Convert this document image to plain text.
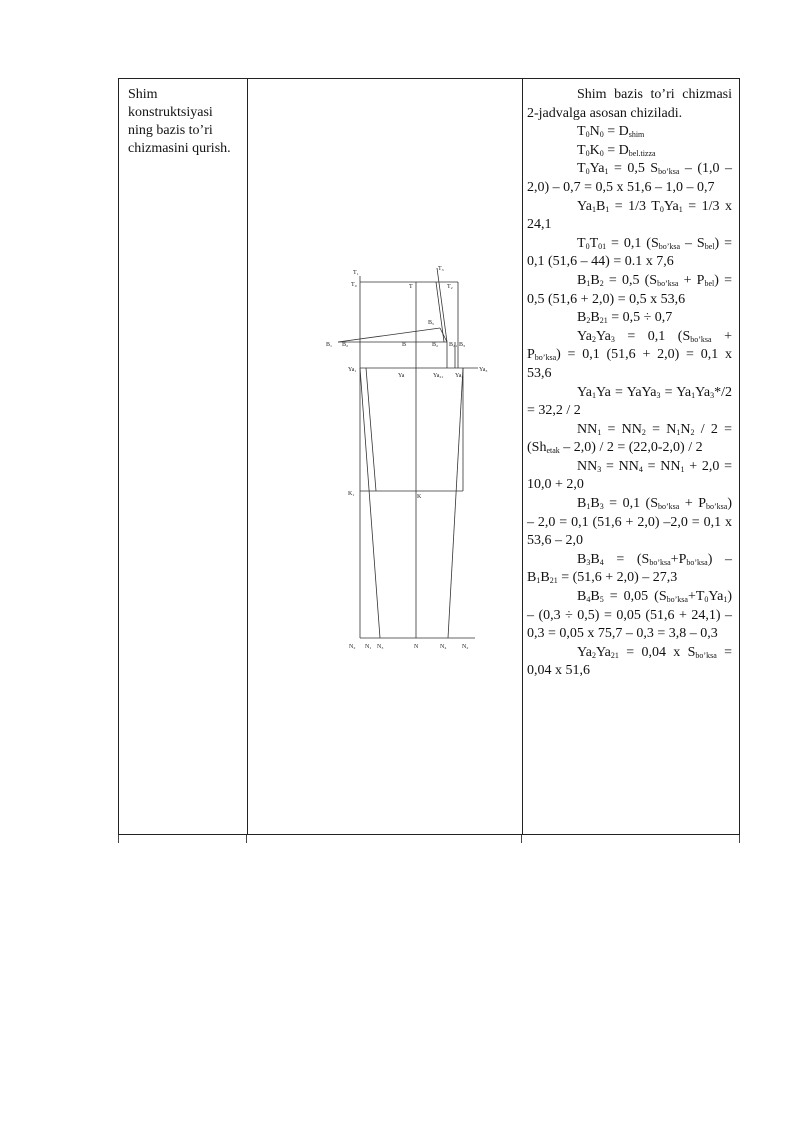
Shim konstruktsiyasi ning bazis to’ri chizmasini qurish.
T₁
T₀	T	T₂
T₃
B₁ B₂	B	B₂
B₅
B₂₁ B₃
Ya₁
Ya	Ya₂₁ Ya₂
Ya₃
K₁	K
N₂ N₁ N₃	N	N₄	N₂

Shim bazis to’ri chizmasi 2-jadvalga asosan chiziladi.

$T_0N_0 = D_{shim}$

$T_0K_0 = D_{bel.tizza}$

$T_0Ya_1 = 0,5$ $S_{bo’ksa} - (1,0 - 2,0) - 0,7 = 0,5$ x 51,6 – 1,0 – 0,7

$Ya_1B_1 = 1/3$ $T_0Ya_1 = 1/3$ x 24,1

$T_0T_{01} = 0,1$ $(S_{bo’ksa} - S_{bel}) = 0,1$ (51,6 – 44) = 0.1 x 7,6

$B_1B_2 = 0,5$ $(S_{bo’ksa} + P_{bel}) = 0,5$ (51,6 + 2,0) = 0,5 x 53,6

$B_2B_{21} = 0,5 \div 0,7$

$Ya_2Ya_3 = 0,1$ $(S_{bo’ksa} + P_{bo’ksa}) = 0,1$ (51,6 + 2,0) = 0,1 x 53,6

$Ya_1Ya$ = YaYa$_3$ = $Ya_1Ya_3*/2 = 32,2 / 2$

$NN_1 = NN_2 = N_1N_2 / 2 = (Sh_{etak} - 2,0) / 2 = (22,0-2,0) / 2$

$NN_3 = NN_4 = NN_1 + 2,0 = 10,0 + 2,0$

$B_1B_3 = 0,1$ $(S_{bo’ksa} + P_{bo’ksa}) - 2,0 = 0,1$ (51,6 + 2,0) –2,0 = 0,1 x 53,6 – 2,0

$B_3B_4 = (S_{bo’ksa}+P_{bo’ksa}) - B_1B_{21} = (51,6 + 2,0) - 27,3$

$B_4B_5 = 0,05$ $(S_{bo’ksa}+T_0Ya_1) - (0,3 \div 0,5) = 0,05$ (51,6 + 24,1) – 0,3 = 0,05 x 75,7 – 0,3 = 3,8 – 0,3

$Ya_2Ya_{21} = 0,04$ x $S_{bo’ksa} = 0,04$ x 51,6
